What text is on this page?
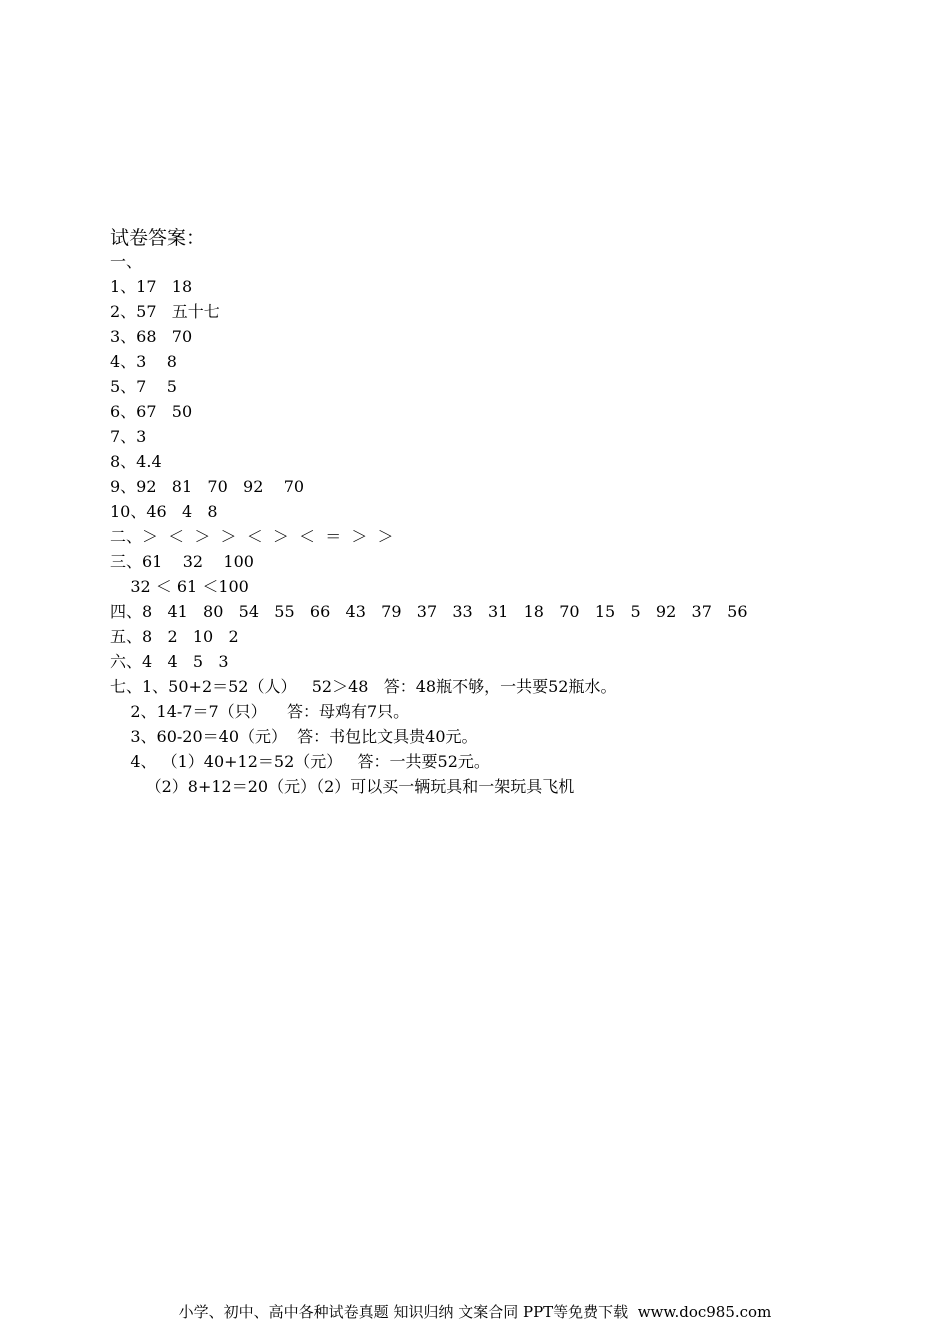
试卷答案：
一、
1、17   18
2、57   五十七
3、68   70
4、3    8
5、7    5
6、67   50
7、3
8、4.4
9、92   81   70   92    70
10、46   4   8
二、＞  ＜  ＞  ＞  ＜  ＞  ＜  ＝  ＞  ＞
三、61    32    100
32 ＜ 61 ＜100
四、8   41   80   54   55   66   43   79   37   33   31   18   70   15   5   92   37   56
五、8   2   10   2
六、4   4   5   3
七、1、50+2＝52（人）   52＞48   答：48瓶不够，一共要52瓶水。
2、14-7＝7（只）    答：母鸡有7只。
3、60-20＝40（元）  答：书包比文具贵40元。
4、 （1）40+12＝52（元）   答：一共要52元。
（2）8+12＝20（元）（2）可以买一辆玩具和一架玩具飞机
小学、初中、高中各种试卷真题 知识归纳 文案合同 PPT等免费下载  www.doc985.com
